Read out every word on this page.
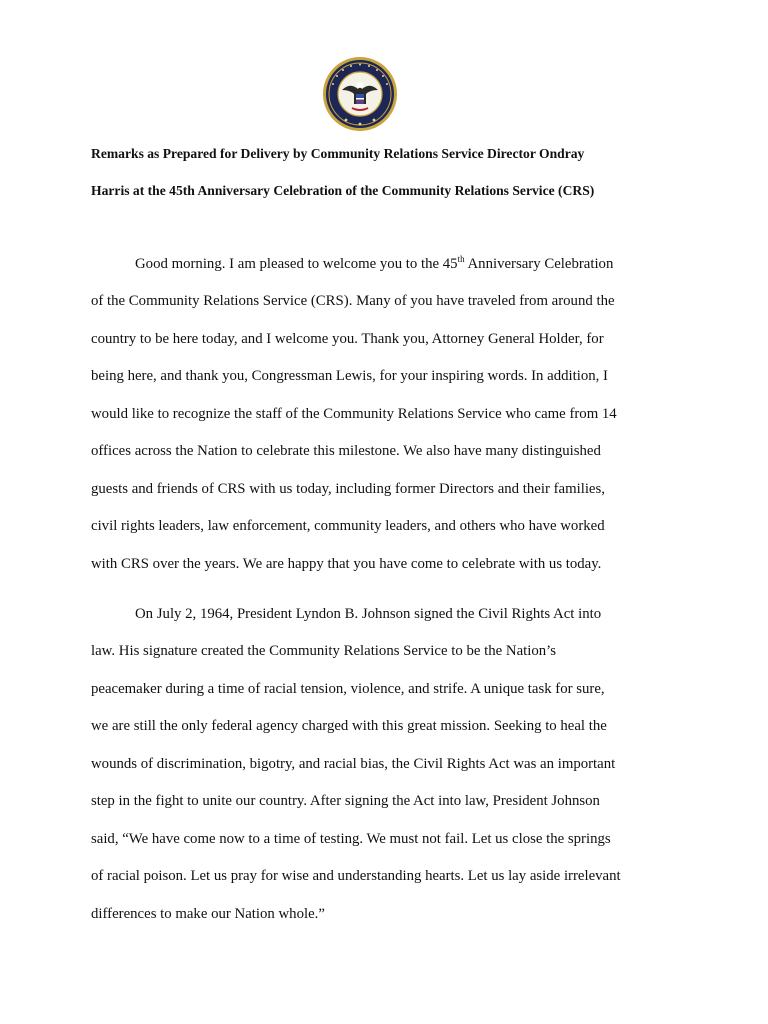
Remarks as Prepared for Delivery by Community Relations Service Director Ondray
Harris at the 45th Anniversary Celebration of the Community Relations Service (CRS)
Good morning. I am pleased to welcome you to the 45th Anniversary Celebration
of the Community Relations Service (CRS). Many of you have traveled from around the
country to be here today, and I welcome you. Thank you, Attorney General Holder, for
being here, and thank you, Congressman Lewis, for your inspiring words. In addition, I
would like to recognize the staff of the Community Relations Service who came from 14
offices across the Nation to celebrate this milestone. We also have many distinguished
guests and friends of CRS with us today, including former Directors and their families,
civil rights leaders, law enforcement, community leaders, and others who have worked
with CRS over the years. We are happy that you have come to celebrate with us today.
On July 2, 1964, President Lyndon B. Johnson signed the Civil Rights Act into
law. His signature created the Community Relations Service to be the Nation’s
peacemaker during a time of racial tension, violence, and strife. A unique task for sure,
we are still the only federal agency charged with this great mission. Seeking to heal the
wounds of discrimination, bigotry, and racial bias, the Civil Rights Act was an important
step in the fight to unite our country. After signing the Act into law, President Johnson
said, “We have come now to a time of testing. We must not fail. Let us close the springs
of racial poison. Let us pray for wise and understanding hearts. Let us lay aside irrelevant
differences to make our Nation whole.”
